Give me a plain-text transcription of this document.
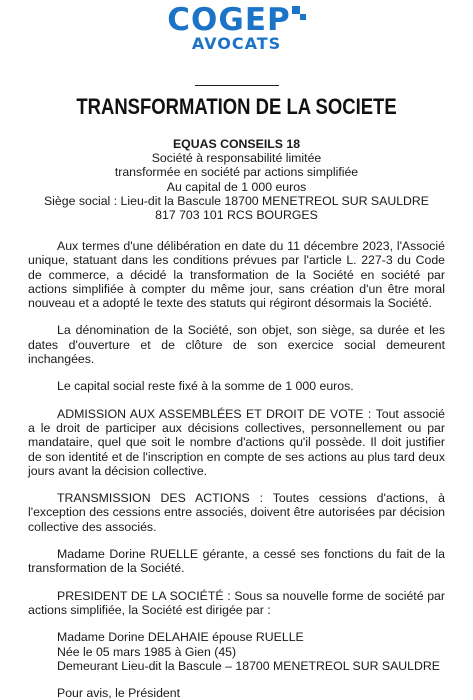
COGEP
AVOCATS
TRANSFORMATION DE LA SOCIETE
EQUAS CONSEILS 18
Société à responsabilité limitée
transformée en société par actions simplifiée
Au capital de 1 000 euros
Siège social : Lieu-dit la Bascule 18700 MENETREOL SUR SAULDRE
817 703 101 RCS BOURGES

Aux termes d'une délibération en date du 11 décembre 2023, l'Associé unique, statuant dans les conditions prévues par l'article L. 227-3 du Code de commerce, a décidé la transformation de la Société en société par actions simplifiée à compter du même jour, sans création d'un être moral nouveau et a adopté le texte des statuts qui régiront désormais la Société.

La dénomination de la Société, son objet, son siège, sa durée et les dates d'ouverture et de clôture de son exercice social demeurent inchangées.

Le capital social reste fixé à la somme de 1 000 euros.

ADMISSION AUX ASSEMBLÉES ET DROIT DE VOTE : Tout associé a le droit de participer aux décisions collectives, personnellement ou par mandataire, quel que soit le nombre d'actions qu'il possède. Il doit justifier de son identité et de l'inscription en compte de ses actions au plus tard deux jours avant la décision collective.

TRANSMISSION DES ACTIONS : Toutes cessions d'actions, à l'exception des cessions entre associés, doivent être autorisées par décision collective des associés.

Madame Dorine RUELLE gérante, a cessé ses fonctions du fait de la transformation de la Société.

PRESIDENT DE LA SOCIÉTÉ : Sous sa nouvelle forme de société par actions simplifiée, la Société est dirigée par :

Madame Dorine DELAHAIE épouse RUELLE
Née le 05 mars 1985 à Gien (45)
Demeurant Lieu-dit la Bascule – 18700 MENETREOL SUR SAULDRE

Pour avis, le Président
